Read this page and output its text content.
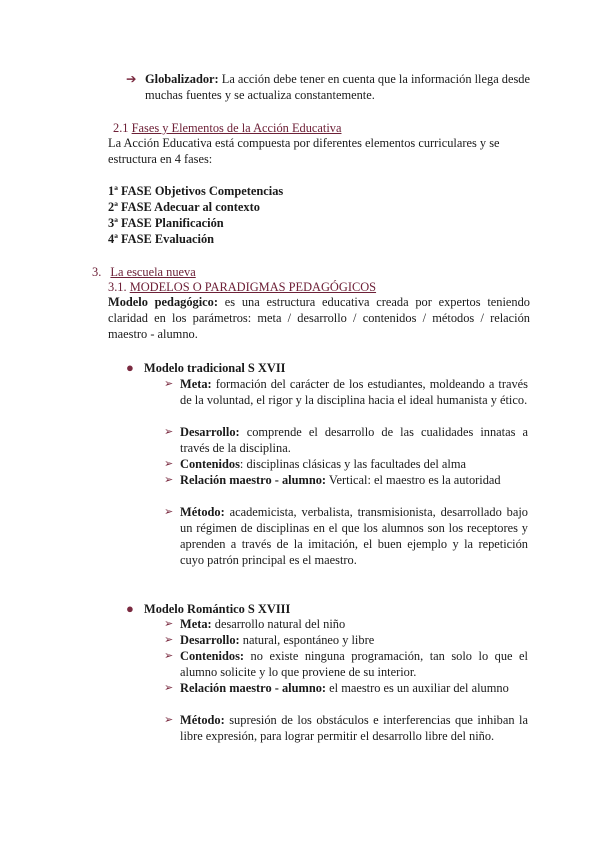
➔ Globalizador: La acción debe tener en cuenta que la información llega desde muchas fuentes y se actualiza constantemente.
2.1 Fases y Elementos de la Acción Educativa
La Acción Educativa está compuesta por diferentes elementos curriculares y se estructura en 4 fases:
1ª FASE Objetivos Competencias
2ª FASE Adecuar al contexto
3ª FASE Planificación
4ª FASE Evaluación
3. La escuela nueva
3.1. MODELOS O PARADIGMAS PEDAGÓGICOS
Modelo pedagógico: es una estructura educativa creada por expertos teniendo claridad en los parámetros: meta / desarrollo / contenidos / métodos / relación maestro - alumno.
● Modelo tradicional S XVII
➢ Meta: formación del carácter de los estudiantes, moldeando a través de la voluntad, el rigor y la disciplina hacia el ideal humanista y ético.
➢ Desarrollo: comprende el desarrollo de las cualidades innatas a través de la disciplina.
➢ Contenidos: disciplinas clásicas y las facultades del alma
➢ Relación maestro - alumno: Vertical: el maestro es la autoridad
➢ Método: academicista, verbalista, transmisionista, desarrollado bajo un régimen de disciplinas en el que los alumnos son los receptores y aprenden a través de la imitación, el buen ejemplo y la repetición cuyo patrón principal es el maestro.
● Modelo Romántico S XVIII
➢ Meta: desarrollo natural del niño
➢ Desarrollo: natural, espontáneo y libre
➢ Contenidos: no existe ninguna programación, tan solo lo que el alumno solicite y lo que proviene de su interior.
➢ Relación maestro - alumno: el maestro es un auxiliar del alumno
➢ Método: supresión de los obstáculos e interferencias que inhiban la libre expresión, para lograr permitir el desarrollo libre del niño.
